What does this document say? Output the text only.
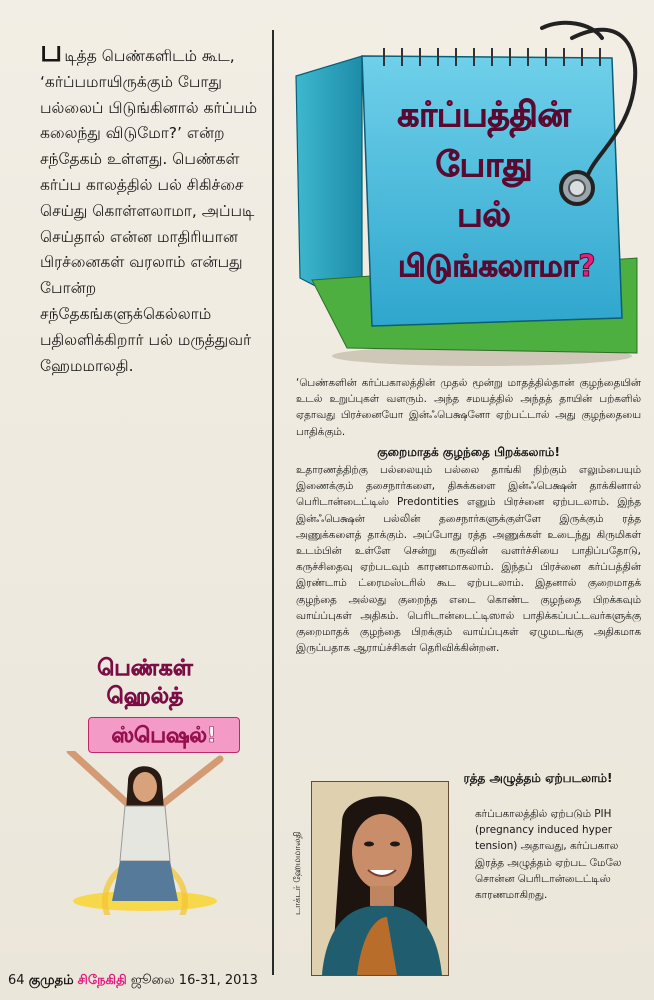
படித்த பெண்களிடம் கூட, ‘கர்ப்பமாயிருக்கும் போது பல்லைப் பிடுங்கினால் கர்ப்பம் கலைந்து விடுமோ?’ என்ற சந்தேகம் உள்ளது. பெண்கள் கர்ப்ப காலத்தில் பல் சிகிச்சை செய்து கொள்ளலாமா, அப்படி செய்தால் என்ன மாதிரியான பிரச்னைகள் வரலாம் என்பது போன்ற சந்தேகங்களுக்கெல்லாம் பதிலளிக்கிறார் பல் மருத்துவர் ஹேமமாலதி.
கர்ப்பத்தின்
போது
பல்
பிடுங்கலாமா?

‘பெண்களின் கர்ப்பகாலத்தின் முதல் மூன்று மாதத்தில்தான் குழந்தையின் உடல் உறுப்புகள் வளரும். அந்த சமயத்தில் அந்தத் தாயின் பற்களில் ஏதாவது பிரச்னையோ இன்ஃபெக்ஷனோ ஏற்பட்டால் அது குழந்தையை பாதிக்கும்.

குறைமாதக் குழந்தை பிறக்கலாம்!

உதாரணத்திற்கு பல்லையும் பல்லை தாங்கி நிற்கும் எலும்பையும் இணைக்கும் தசைநார்களை, திசுக்களை இன்ஃபெக்ஷன் தாக்கினால் பெரிடான்டைட்டிஸ் Predontities எனும் பிரச்னை ஏற்படலாம். இந்த இன்ஃபெக்ஷன் பல்லின் தசைநார்களுக்குள்ளே இருக்கும் ரத்த அணுக்களைத் தாக்கும். அப்போது ரத்த அணுக்கள் உடைந்து கிருமிகள் உடம்பின் உள்ளே சென்று கருவின் வளர்ச்சியை பாதிப்பதோடு, கருச்சிதைவு ஏற்படவும் காரணமாகலாம். இந்தப் பிரச்னை கர்ப்பத்தின் இரண்டாம் ட்ரைமஸ்டரில் கூட ஏற்படலாம். இதனால் குறைமாதக் குழந்தை அல்லது குறைந்த எடை கொண்ட குழந்தை பிறக்கவும் வாய்ப்புகள் அதிகம். பெரிடான்டைட்டிஸால் பாதிக்கப்பட்டவர்களுக்கு குறைமாதக் குழந்தை பிறக்கும் வாய்ப்புகள் ஏழுமடங்கு அதிகமாக இருப்பதாக ஆராய்ச்சிகள் தெரிவிக்கின்றன.

டாக்டர் ஹேமமாலதி
ரத்த அழுத்தம் ஏற்படலாம்!

கர்ப்பகாலத்தில் ஏற்படும் PIH (pregnancy induced hyper tension) அதாவது, கர்ப்பகால இரத்த அழுத்தம் ஏற்பட மேலே சொன்ன பெரிடான்டைட்டிஸ் காரணமாகிறது.

பெண்கள்
ஹெல்த்
ஸ்பெஷல்!
64 குமுதம் சிநேகிதி ஜூலை 16-31, 2013
